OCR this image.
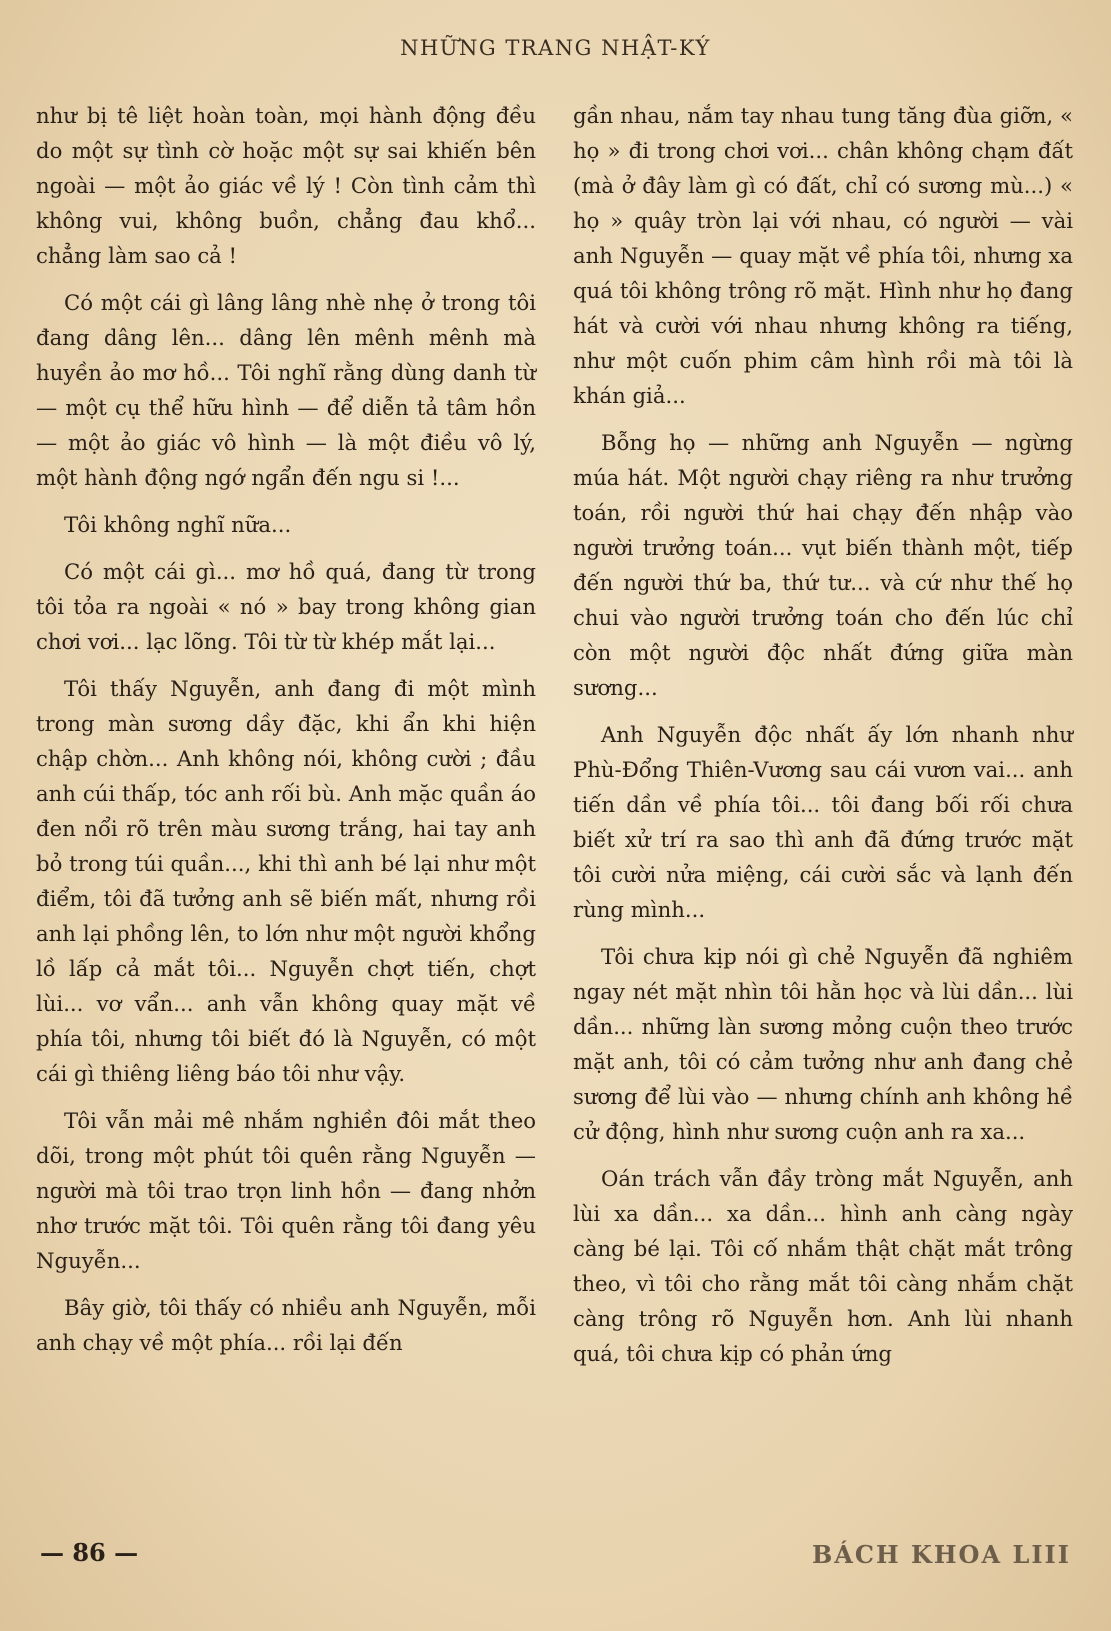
NHỮNG TRANG NHẬT-KÝ

như bị tê liệt hoàn toàn, mọi hành động đều do một sự tình cờ hoặc một sự sai khiến bên ngoài — một ảo giác về lý ! Còn tình cảm thì không vui, không buồn, chẳng đau khổ... chẳng làm sao cả !

Có một cái gì lâng lâng nhè nhẹ ở trong tôi đang dâng lên... dâng lên mênh mênh mà huyền ảo mơ hồ... Tôi nghĩ rằng dùng danh từ — một cụ thể hữu hình — để diễn tả tâm hồn — một ảo giác vô hình — là một điều vô lý, một hành động ngớ ngẩn đến ngu si !...

Tôi không nghĩ nữa...

Có một cái gì... mơ hồ quá, đang từ trong tôi tỏa ra ngoài « nó » bay trong không gian chơi vơi... lạc lõng. Tôi từ từ khép mắt lại...

Tôi thấy Nguyễn, anh đang đi một mình trong màn sương dầy đặc, khi ẩn khi hiện chập chờn... Anh không nói, không cười ; đầu anh cúi thấp, tóc anh rối bù. Anh mặc quần áo đen nổi rõ trên màu sương trắng, hai tay anh bỏ trong túi quần..., khi thì anh bé lại như một điểm, tôi đã tưởng anh sẽ biến mất, nhưng rồi anh lại phồng lên, to lớn như một người khổng lồ lấp cả mắt tôi... Nguyễn chợt tiến, chợt lùi... vơ vẩn... anh vẫn không quay mặt về phía tôi, nhưng tôi biết đó là Nguyễn, có một cái gì thiêng liêng báo tôi như vậy.

Tôi vẫn mải mê nhắm nghiền đôi mắt theo dõi, trong một phút tôi quên rằng Nguyễn — người mà tôi trao trọn linh hồn — đang nhởn nhơ trước mặt tôi. Tôi quên rằng tôi đang yêu Nguyễn...

Bây giờ, tôi thấy có nhiều anh Nguyễn, mỗi anh chạy về một phía... rồi lại đến

gần nhau, nắm tay nhau tung tăng đùa giỡn, « họ » đi trong chơi vơi... chân không chạm đất (mà ở đây làm gì có đất, chỉ có sương mù...) « họ » quây tròn lại với nhau, có người — vài anh Nguyễn — quay mặt về phía tôi, nhưng xa quá tôi không trông rõ mặt. Hình như họ đang hát và cười với nhau nhưng không ra tiếng, như một cuốn phim câm hình rồi mà tôi là khán giả...

Bỗng họ — những anh Nguyễn — ngừng múa hát. Một người chạy riêng ra như trưởng toán, rồi người thứ hai chạy đến nhập vào người trưởng toán... vụt biến thành một, tiếp đến người thứ ba, thứ tư... và cứ như thế họ chui vào người trưởng toán cho đến lúc chỉ còn một người độc nhất đứng giữa màn sương...

Anh Nguyễn độc nhất ấy lớn nhanh như Phù-Đổng Thiên-Vương sau cái vươn vai... anh tiến dần về phía tôi... tôi đang bối rối chưa biết xử trí ra sao thì anh đã đứng trước mặt tôi cười nửa miệng, cái cười sắc và lạnh đến rùng mình...

Tôi chưa kịp nói gì chẻ Nguyễn đã nghiêm ngay nét mặt nhìn tôi hằn học và lùi dần... lùi dần... những làn sương mỏng cuộn theo trước mặt anh, tôi có cảm tưởng như anh đang chẻ sương để lùi vào — nhưng chính anh không hề cử động, hình như sương cuộn anh ra xa...

Oán trách vẫn đầy tròng mắt Nguyễn, anh lùi xa dần... xa dần... hình anh càng ngày càng bé lại. Tôi cố nhắm thật chặt mắt trông theo, vì tôi cho rằng mắt tôi càng nhắm chặt càng trông rõ Nguyễn hơn. Anh lùi nhanh quá, tôi chưa kịp có phản ứng

— 86 —	BÁCH KHOA LIII
